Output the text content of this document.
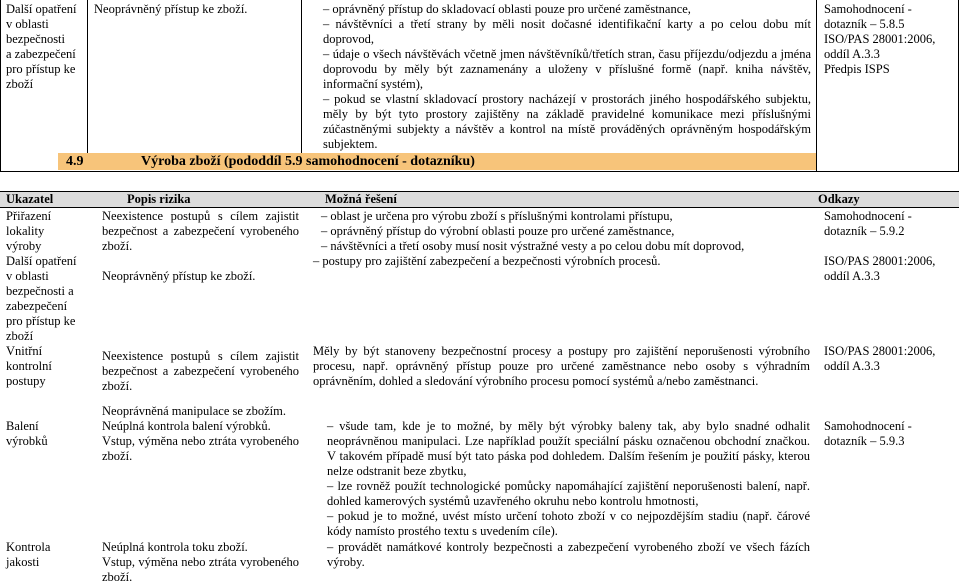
Další opatření
v oblasti
bezpečnosti
a zabezpečení
pro přístup ke
zboží
Neoprávněný přístup ke zboží.
–	oprávněný přístup do skladovací oblasti pouze pro určené zaměstnance,
– návštěvníci a třetí strany by měli nosit dočasné identifikační karty a po celou dobu mít doprovod,
– údaje o všech návštěvách včetně jmen návštěvníků/třetích stran, času příjezdu/odjezdu a jména doprovodu by měly být zaznamenány a uloženy v příslušné formě (např. kniha návštěv, informační systém),
– pokud se vlastní skladovací prostory nacházejí v prostorách jiného hospodářského subjektu, měly by být tyto prostory zajištěny na základě pravidelné komunikace mezi příslušnými zúčastněnými subjekty a návštěv a kontrol na místě prováděných oprávněným hospodářským subjektem.
Samohodnocení -
dotazník – 5.8.5
ISO/PAS 28001:2006,
oddíl A.3.3
Předpis ISPS
4.9	Výroba zboží (pododdíl 5.9 samohodnocení - dotazníku)
Ukazatel	Popis rizika	Možná řešení	Odkazy
Přiřazení
lokality
výroby
Další opatření
v oblasti
bezpečnosti a
zabezpečení
pro přístup ke
zboží

Neexistence postupů s cílem zajistit bezpečnost a zabezpečení vyrobeného zboží.

Neoprávněný přístup ke zboží.

– oblast je určena pro výrobu zboží s příslušnými kontrolami přístupu,
– oprávněný přístup do výrobní oblasti pouze pro určené zaměstnance,
– návštěvníci a třetí osoby musí nosit výstražné vesty a po celou dobu mít doprovod,
– postupy pro zajištění zabezpečení a bezpečnosti výrobních procesů.
Samohodnocení -
dotazník – 5.9.2
ISO/PAS 28001:2006,
oddíl A.3.3
Vnitřní
kontrolní
postupy
Neexistence postupů s cílem zajistit bezpečnost a zabezpečení vyrobeného zboží.
Měly by být stanoveny bezpečnostní procesy a postupy pro zajištění neporušenosti výrobního procesu, např. oprávněný přístup pouze pro určené zaměstnance nebo osoby s výhradním oprávněním, dohled a sledování výrobního procesu pomocí systémů a/nebo zaměstnanci.
ISO/PAS 28001:2006,
oddíl A.3.3
Balení
výrobků

Neoprávněná manipulace se zbožím.

Neúplná kontrola balení výrobků.

Vstup, výměna nebo ztráta vyrobeného zboží.

– všude tam, kde je to možné, by měly být výrobky baleny tak, aby bylo snadné odhalit neoprávněnou manipulaci. Lze například použít speciální pásku označenou obchodní značkou. V takovém případě musí být tato páska pod dohledem. Dalším řešením je použití pásky, kterou nelze odstranit beze zbytku,
– lze rovněž použít technologické pomůcky napomáhající zajištění neporušenosti balení, např. dohled kamerových systémů uzavřeného okruhu nebo kontrolu hmotnosti,
– pokud je to možné, uvést místo určení tohoto zboží v co nejpozdějším stadiu (např. čárové kódy namísto prostého textu s uvedením cíle).
Samohodnocení -
dotazník – 5.9.3
Kontrola
jakosti

Neúplná kontrola toku zboží.

Vstup, výměna nebo ztráta vyrobeného zboží.

– provádět namátkové kontroly bezpečnosti a zabezpečení vyrobeného zboží ve všech fázích výroby.
